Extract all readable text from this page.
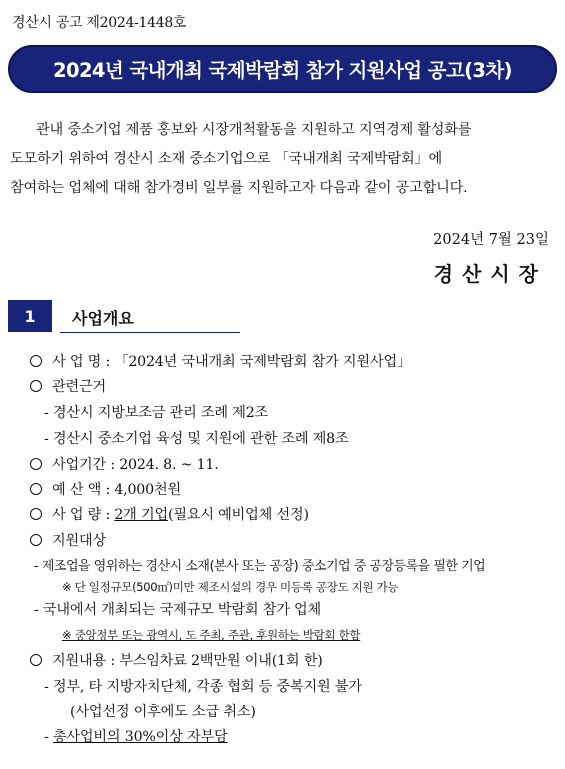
경산시 공고 제2024-1448호
2024년 국내개최 국제박람회 참가 지원사업 공고(3차)
관내 중소기업 제품 홍보와 시장개척활동을 지원하고 지역경제 활성화를
도모하기 위하여 경산시 소재 중소기업으로 「국내개최 국제박람회」에
참여하는 업체에 대해 참가경비 일부를 지원하고자 다음과 같이 공고합니다.
2024년 7월 23일
경산시장
1	사업개요
사 업 명 : 「2024년 국내개최 국제박람회 참가 지원사업」
관련근거
- 경산시 지방보조금 관리 조례 제2조
- 경산시 중소기업 육성 및 지원에 관한 조례 제8조
사업기간 : 2024. 8. ~ 11.
예 산 액 : 4,000천원
사 업 량 : 2개 기업(필요시 예비업체 선정)
지원대상
- 제조업을 영위하는 경산시 소재(본사 또는 공장) 중소기업 중 공장등록을 필한 기업
※ 단 일정규모(500㎡)미만 제조시설의 경우 미등록 공장도 지원 가능
- 국내에서 개최되는 국제규모 박람회 참가 업체
※ 중앙정부 또는 광역시, 도 주최, 주관, 후원하는 박람회 한함
지원내용 : 부스임차료 2백만원 이내(1회 한)
- 정부, 타 지방자치단체, 각종 협회 등 중복지원 불가
(사업선정 이후에도 소급 취소)
- 총사업비의 30%이상 자부담
